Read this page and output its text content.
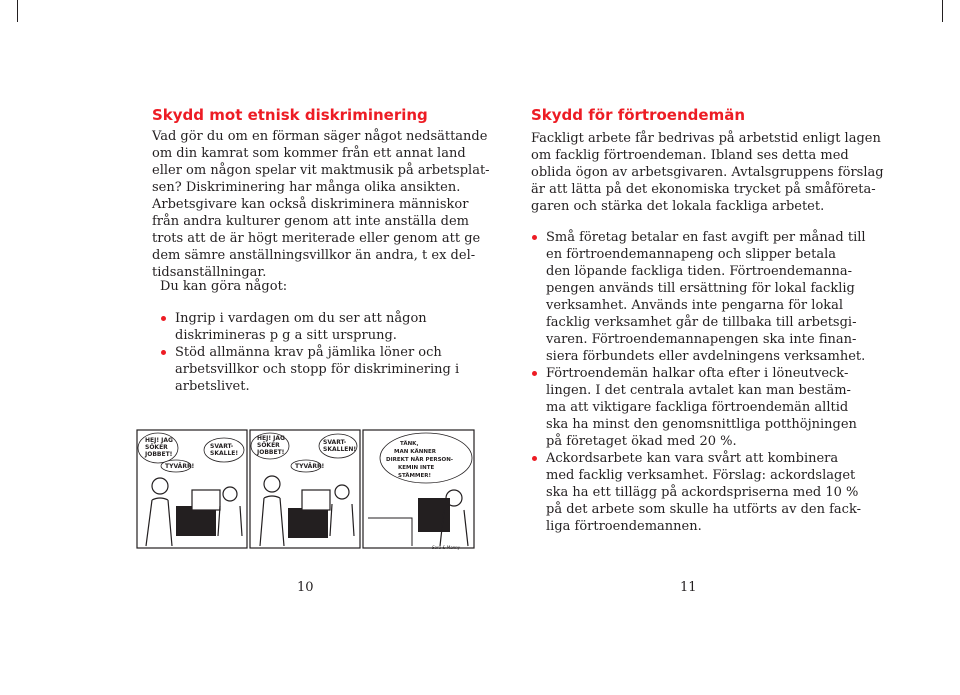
Skydd mot etnisk diskriminering

Vad gör du om en förman säger något nedsättande
om din kamrat som kommer från ett annat land
eller om någon spelar vit maktmusik på arbetsplat-
sen? Diskriminering har många olika ansikten.
Arbetsgivare kan också diskriminera människor
från andra kulturer genom att inte anställa dem
trots att de är högt meriterade eller genom att ge
dem sämre anställningsvillkor än andra, t ex del-
tidsanställningar.

Du kan göra något:

Ingrip i vardagen om du ser att någon
diskrimineras p g a sitt ursprung.
Stöd allmänna krav på jämlika löner och
arbetsvillkor och stopp för diskriminering i
arbetslivet.
HEJ! JAG
SÖKER
JOBBET!
SVART-
SKALLE!
TYVÄRR!
HEJ! JAG
SÖKER
JOBBET!
SVART-
SKALLEN!
TYVÄRR!
TÄNK,
MAN KÄNNER
DIREKT NÄR PERSON-
KEMIN INTE
STÄMMER!
Sara & Manny
10
Skydd för förtroendemän

Fackligt arbete får bedrivas på arbetstid enligt lagen
om facklig förtroendeman. Ibland ses detta med
oblida ögon av arbetsgivaren. Avtalsgruppens förslag
är att lätta på det ekonomiska trycket på småföreta-
garen och stärka det lokala fackliga arbetet.

Små företag betalar en fast avgift per månad till
en förtroendemannapeng och slipper betala
den löpande fackliga tiden. Förtroendemanna-
pengen används till ersättning för lokal facklig
verksamhet. Används inte pengarna för lokal
facklig verksamhet går de tillbaka till arbetsgi-
varen. Förtroendemannapengen ska inte finan-
siera förbundets eller avdelningens verksamhet.
Förtroendemän halkar ofta efter i löneutveck-
lingen. I det centrala avtalet kan man bestäm-
ma att viktigare fackliga förtroendemän alltid
ska ha minst den genomsnittliga potthöjningen
på företaget ökad med 20 %.
Ackordsarbete kan vara svårt att kombinera
med facklig verksamhet. Förslag: ackordslaget
ska ha ett tillägg på ackordspriserna med 10 %
på det arbete som skulle ha utförts av den fack-
liga förtroendemannen.
11
